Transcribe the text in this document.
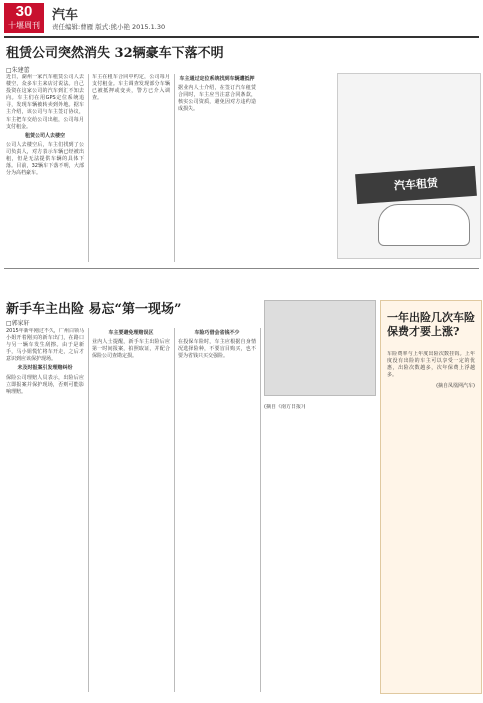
30
十堰周刊
汽车
责任编辑:曹雁 版式:熊小艳 2015.1.30
租赁公司突然消失 32辆豪车下落不明
□朱建蕾
近日，湖州一家汽车租赁公司人去楼空，众多车主来店讨说法。自己投资在这家公司的汽车到汇不知去向。车主们在用GPS定位系统追寻，发现车辆被转卖到外地。据车主介绍，该公司与车主签订协议，车主把车交给公司出租，公司每月支付租金。
租赁公司人去楼空
公司人去楼空后，车主们找到了公司负责人，对方表示车辆已经被出租，但是无法提供车辆的具体下落。目前，32辆车下落不明，大部分为高档豪车。
车主在租车合同中约定，公司每月支付租金。车主调查发现部分车辆已被抵押或变卖，警方已介入调查。
车主通过定位系统找到车辆遭抵押
据业内人士介绍，在签订汽车租赁合同时，车主应当注意合同条款，核实公司资质，避免因对方违约造成损失。
汽车租赁
新手车主出险 易忘“第一现场”
□郭家轩
2015年新年刚过不久，广州白领马小姐开着刚买的新车出门，在路口与另一辆车发生刮擦。由于是新手，马小姐慌忙将车开走，之后才意识到应该保护现场。
未及时报案引发理赔纠纷
保险公司理赔人员表示，出险后应立即报案并保护现场，否则可能影响理赔。
车主要避免理赔误区
业内人士提醒，新手车主出险后应第一时间报案，拍照取证，并配合保险公司查勘定损。
车险巧借会省钱不少
在投保车险时，车主应根据自身情况选择险种，不要盲目购买，也不要为省钱只买交强险。
(摘自《南方日报》)
一年出险几次车险保费才要上涨?
车险费率与上年度出险次数挂钩。上年度没有出险的车主可以享受一定的优惠，出险次数越多，次年保费上浮越多。
(摘自凤凰网汽车)
